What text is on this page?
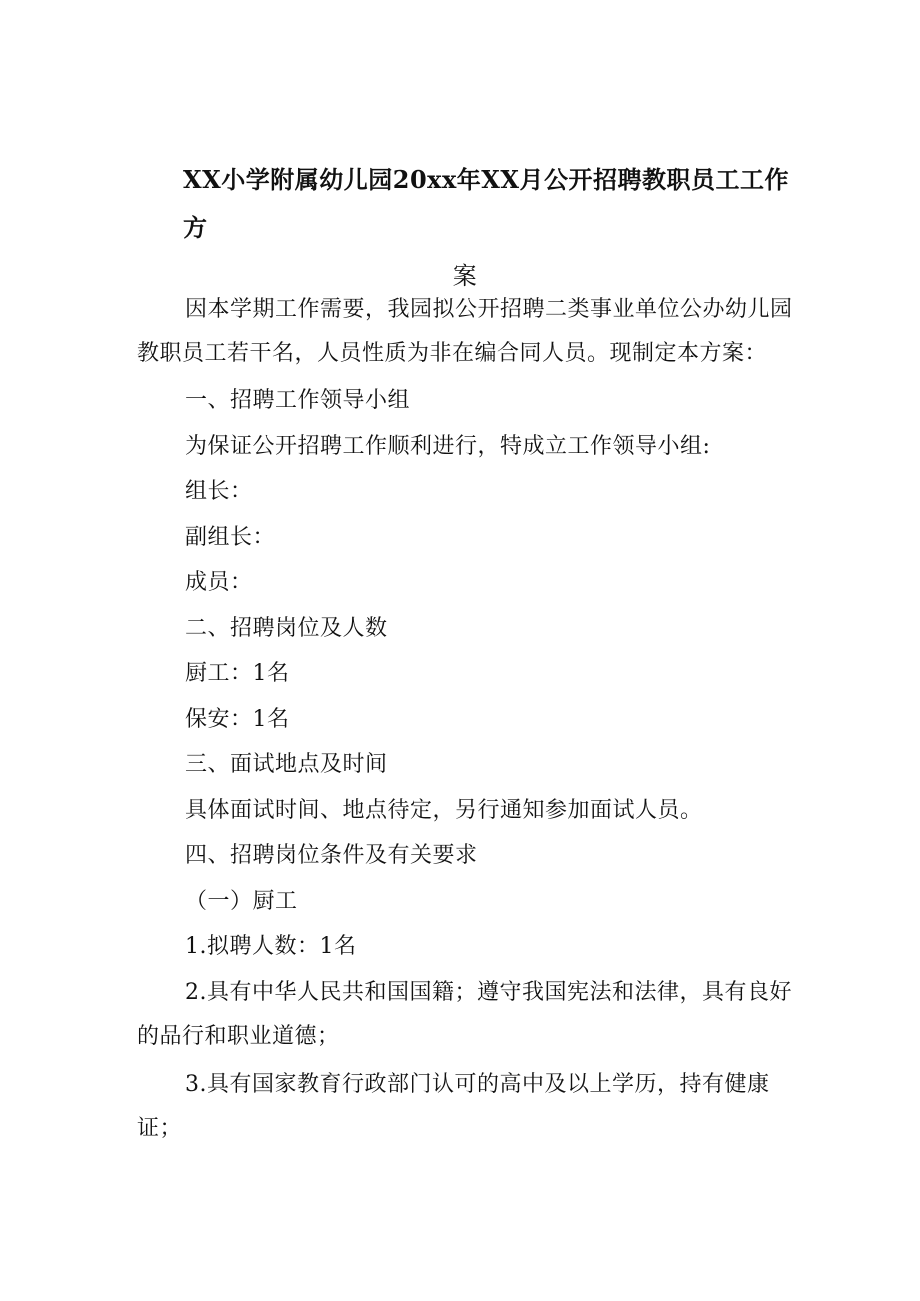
XX小学附属幼儿园20xx年XX月公开招聘教职员工工作方
案

因本学期工作需要，我园拟公开招聘二类事业单位公办幼儿园教职员工若干名，人员性质为非在编合同人员。现制定本方案：

一、招聘工作领导小组

为保证公开招聘工作顺利进行，特成立工作领导小组:

组长：

副组长：

成员：

二、招聘岗位及人数

厨工：1名

保安：1名

三、面试地点及时间

具体面试时间、地点待定，另行通知参加面试人员。

四、招聘岗位条件及有关要求

（一）厨工

1.拟聘人数：1名

2.具有中华人民共和国国籍；遵守我国宪法和法律，具有良好的品行和职业道德；

3.具有国家教育行政部门认可的高中及以上学历，持有健康证；
